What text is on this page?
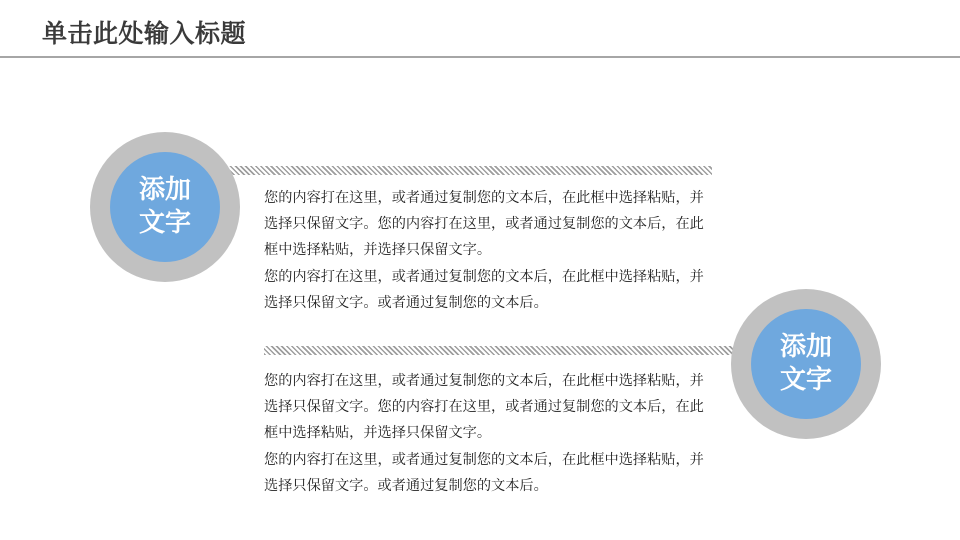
单击此处输入标题
添加
文字

您的内容打在这里，或者通过复制您的文本后，在此框中选择粘贴，并选择只保留文字。您的内容打在这里，或者通过复制您的文本后，在此框中选择粘贴，并选择只保留文字。

您的内容打在这里，或者通过复制您的文本后，在此框中选择粘贴，并选择只保留文字。或者通过复制您的文本后。

添加
文字

您的内容打在这里，或者通过复制您的文本后，在此框中选择粘贴，并选择只保留文字。您的内容打在这里，或者通过复制您的文本后，在此框中选择粘贴，并选择只保留文字。

您的内容打在这里，或者通过复制您的文本后，在此框中选择粘贴，并选择只保留文字。或者通过复制您的文本后。
